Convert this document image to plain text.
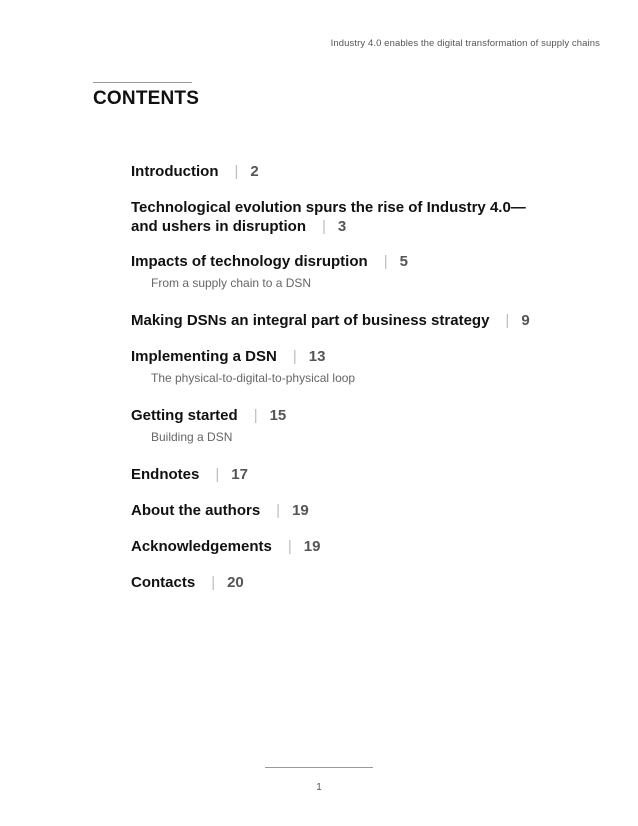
Industry 4.0 enables the digital transformation of supply chains
CONTENTS
Introduction | 2
Technological evolution spurs the rise of Industry 4.0—
and ushers in disruption | 3
Impacts of technology disruption | 5
From a supply chain to a DSN
Making DSNs an integral part of business strategy | 9
Implementing a DSN | 13
The physical-to-digital-to-physical loop
Getting started | 15
Building a DSN
Endnotes | 17
About the authors | 19
Acknowledgements | 19
Contacts | 20
1
